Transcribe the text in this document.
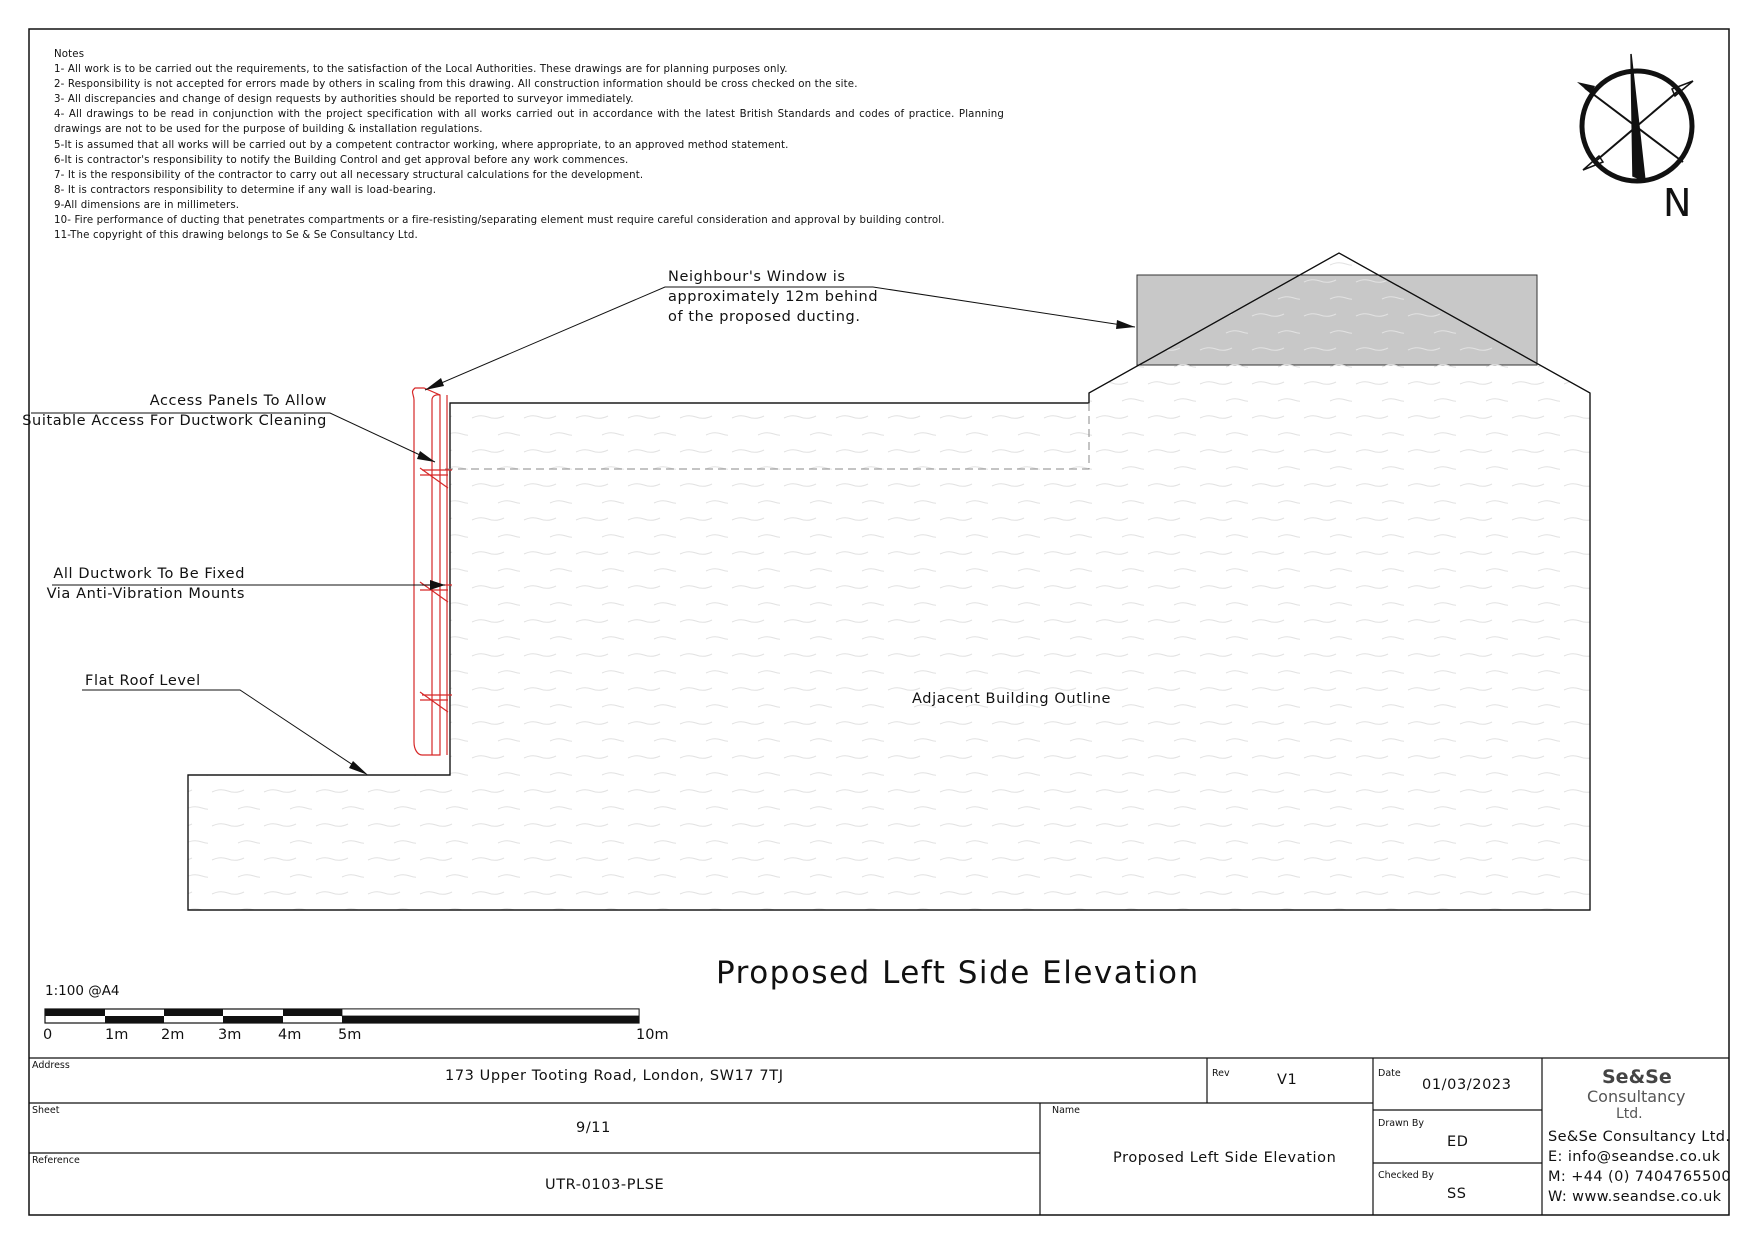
Notes
1- All work is to be carried out the requirements, to the satisfaction of the Local Authorities. These drawings are for planning purposes only.
2- Responsibility is not accepted for errors made by others in scaling from this drawing. All construction information should be cross checked on the site.
3- All discrepancies and change of design requests by authorities should be reported to surveyor immediately.
4- All drawings to be read in conjunction with the project specification with all works carried out in accordance with the latest British Standards and codes of practice. Planning drawings are not to be used for the purpose of building & installation regulations.
5-It is assumed that all works will be carried out by a competent contractor working, where appropriate, to an approved method statement.
6-It is contractor's responsibility to notify the Building Control and get approval before any work commences.
7- It is the responsibility of the contractor to carry out all necessary structural calculations for the development.
8- It is contractors responsibility to determine if any wall is load-bearing.
9-All dimensions are in millimeters.
10- Fire performance of ducting that penetrates compartments or a fire-resisting/separating element must require careful consideration and approval by building control.
11-The copyright of this drawing belongs to Se & Se Consultancy Ltd.
Neighbour's Window is
approximately 12m behind
of the proposed ducting.
Access Panels To Allow
Suitable Access For Ductwork Cleaning
All Ductwork To Be Fixed
Via Anti-Vibration Mounts
Flat Roof Level
Adjacent Building Outline
N
Proposed Left Side Elevation
1:100 @A4
0	1m 2m 3m	4m	5m	10m
Address
173 Upper Tooting Road, London, SW17 7TJ	Rev	V1	Date
01/03/2023
Sheet
9/11
Name
Proposed Left Side Elevation
Drawn By
ED
Checked By
SS
Reference
UTR-0103-PLSE
Se&Se
Consultancy
Ltd.
Se&Se Consultancy Ltd.
E: info@seandse.co.uk
M: +44 (0) 7404765500
W: www.seandse.co.uk
